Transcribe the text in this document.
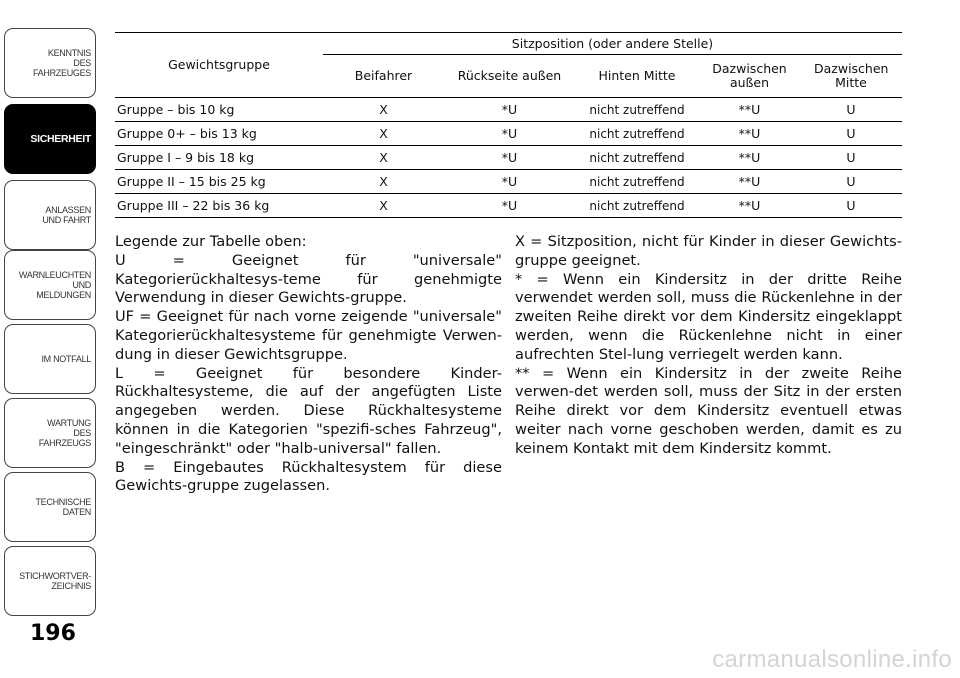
KENNTNIS
DES
FAHRZEUGES
SICHERHEIT
ANLASSEN
UND FAHRT
WARNLEUCHTEN
UND
MELDUNGEN
IM NOTFALL
WARTUNG
DES
FAHRZEUGS
TECHNISCHE
DATEN
STICHWORTVER-
ZEICHNIS
196
Gewichtsgruppe	Sitzposition (oder andere Stelle)				
	Beifahrer	Rückseite außen	Hinten Mitte	Dazwischen außen	Dazwischen Mitte
Gruppe – bis 10 kg	X	*U	nicht zutreffend	**U	U
Gruppe 0+ – bis 13 kg	X	*U	nicht zutreffend	**U	U
Gruppe I – 9 bis 18 kg	X	*U	nicht zutreffend	**U	U
Gruppe II – 15 bis 25 kg	X	*U	nicht zutreffend	**U	U
Gruppe III – 22 bis 36 kg	X	*U	nicht zutreffend	**U	U

Legende zur Tabelle oben:

U = Geeignet für "universale" Kategorierückhaltesys-teme für genehmigte Verwendung in dieser Gewichts-gruppe.

UF = Geeignet für nach vorne zeigende "universale" Kategorierückhaltesysteme für genehmigte Verwen-dung in dieser Gewichtsgruppe.

L = Geeignet für besondere Kinder-Rückhaltesysteme, die auf der angefügten Liste angegeben werden. Diese Rückhaltesysteme können in die Kategorien "spezifi-sches Fahrzeug", "eingeschränkt" oder "halb-universal" fallen.

B = Eingebautes Rückhaltesystem für diese Gewichts-gruppe zugelassen.

X = Sitzposition, nicht für Kinder in dieser Gewichts-gruppe geeignet.

* = Wenn ein Kindersitz in der dritte Reihe verwendet werden soll, muss die Rückenlehne in der zweiten Reihe direkt vor dem Kindersitz eingeklappt werden, wenn die Rückenlehne nicht in einer aufrechten Stel-lung verriegelt werden kann.

** = Wenn ein Kindersitz in der zweite Reihe verwen-det werden soll, muss der Sitz in der ersten Reihe direkt vor dem Kindersitz eventuell etwas weiter nach vorne geschoben werden, damit es zu keinem Kontakt mit dem Kindersitz kommt.

carmanualsonline.info
